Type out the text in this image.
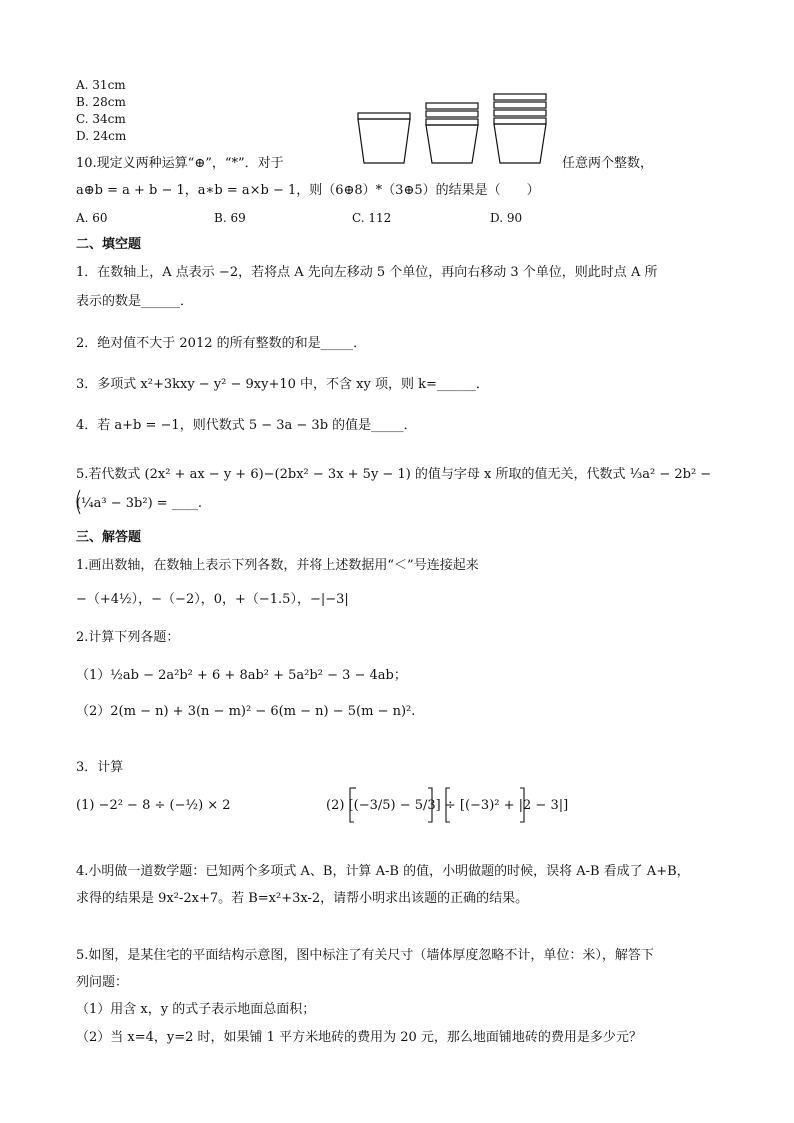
A. 31cm
B. 28cm
C. 34cm
D. 24cm
10.现定义两种运算“⊕”，“*”．对于	任意两个整数，
a⊕b = a + b − 1，a∗b = a×b − 1，则（6⊕8）*（3⊕5）的结果是（　　）
A. 60	B. 69	C. 112	D. 90
二、填空题
1．在数轴上，A 点表示 −2，若将点 A 先向左移动 5 个单位，再向右移动 3 个单位，则此时点 A 所
表示的数是______．
2．绝对值不大于 2012 的所有整数的和是_____．
3．多项式 x²+3kxy − y² − 9xy+10 中，不含 xy 项，则 k=______．
4．若 a+b = −1，则代数式 5 − 3a − 3b 的值是_____．
5.若代数式 (2x² + ax − y + 6)−(2bx² − 3x + 5y − 1) 的值与字母 x 所取的值无关，代数式 ⅓a² − 2b² −
(¼a³ − 3b²) = ____.
三、解答题
1.画出数轴，在数轴上表示下列各数，并将上述数据用“＜”号连接起来
−（+4½），−（−2），0，+（−1.5），−|−3|
2.计算下列各题：
（1）½ab − 2a²b² + 6 + 8ab² + 5a²b² − 3 − 4ab；
（2）2(m − n) + 3(n − m)² − 6(m − n) − 5(m − n)².
3．计算
(1) −2² − 8 ÷ (−½) × 2	(2) [(−3/5) − 5/3] ÷ [(−3)² + |2 − 3|]
4.小明做一道数学题：已知两个多项式 A、B，计算 A-B 的值，小明做题的时候，误将 A-B 看成了 A+B，
求得的结果是 9x²-2x+7。若 B=x²+3x-2，请帮小明求出该题的正确的结果。
5.如图，是某住宅的平面结构示意图，图中标注了有关尺寸（墙体厚度忽略不计，单位：米），解答下
列问题：
（1）用含 x，y 的式子表示地面总面积；
（2）当 x=4，y=2 时，如果铺 1 平方米地砖的费用为 20 元，那么地面铺地砖的费用是多少元？
